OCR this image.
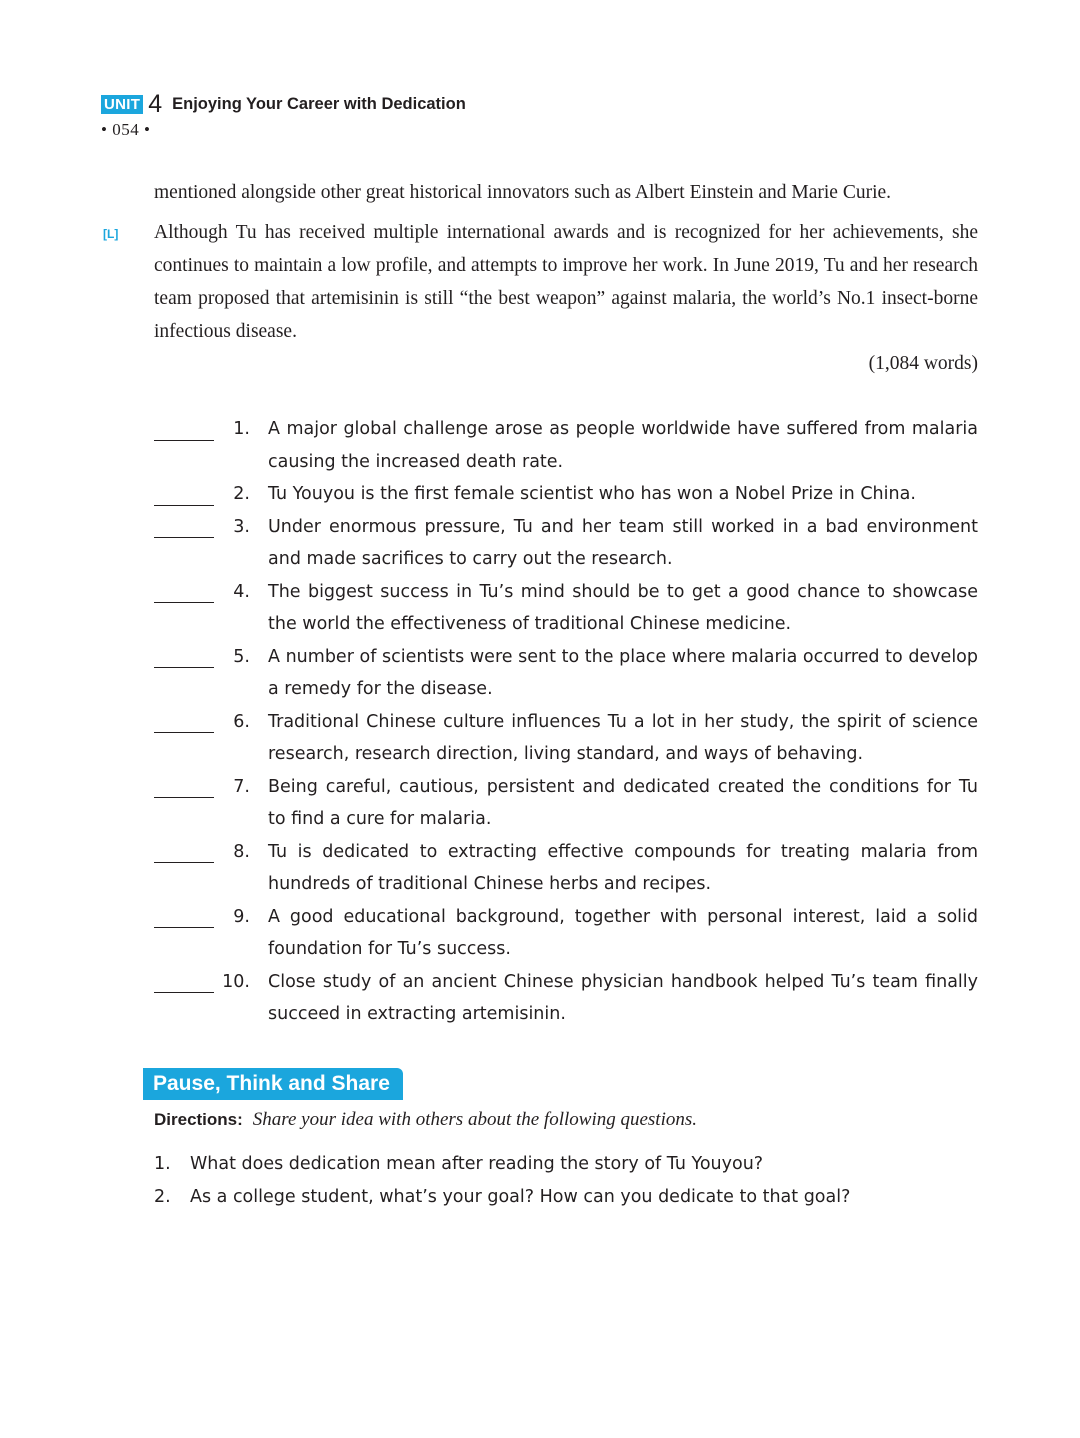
UNIT 4 Enjoying Your Career with Dedication
• 054 •
mentioned alongside other great historical innovators such as Albert Einstein and Marie Curie.
[L] Although Tu has received multiple international awards and is recognized for her achievements, she continues to maintain a low profile, and attempts to improve her work. In June 2019, Tu and her research team proposed that artemisinin is still “the best weapon” against malaria, the world’s No.1 insect-borne infectious disease.
(1,084 words)
1. A major global challenge arose as people worldwide have suffered from malaria causing the increased death rate.
2. Tu Youyou is the first female scientist who has won a Nobel Prize in China.
3. Under enormous pressure, Tu and her team still worked in a bad environment and made sacrifices to carry out the research.
4. The biggest success in Tu’s mind should be to get a good chance to showcase the world the effectiveness of traditional Chinese medicine.
5. A number of scientists were sent to the place where malaria occurred to develop a remedy for the disease.
6. Traditional Chinese culture influences Tu a lot in her study, the spirit of science research, research direction, living standard, and ways of behaving.
7. Being careful, cautious, persistent and dedicated created the conditions for Tu to find a cure for malaria.
8. Tu is dedicated to extracting effective compounds for treating malaria from hundreds of traditional Chinese herbs and recipes.
9. A good educational background, together with personal interest, laid a solid foundation for Tu’s success.
10. Close study of an ancient Chinese physician handbook helped Tu’s team finally succeed in extracting artemisinin.
Pause, Think and Share
Directions: Share your idea with others about the following questions.
1.	What does dedication mean after reading the story of Tu Youyou?
2.	As a college student, what’s your goal? How can you dedicate to that goal?
